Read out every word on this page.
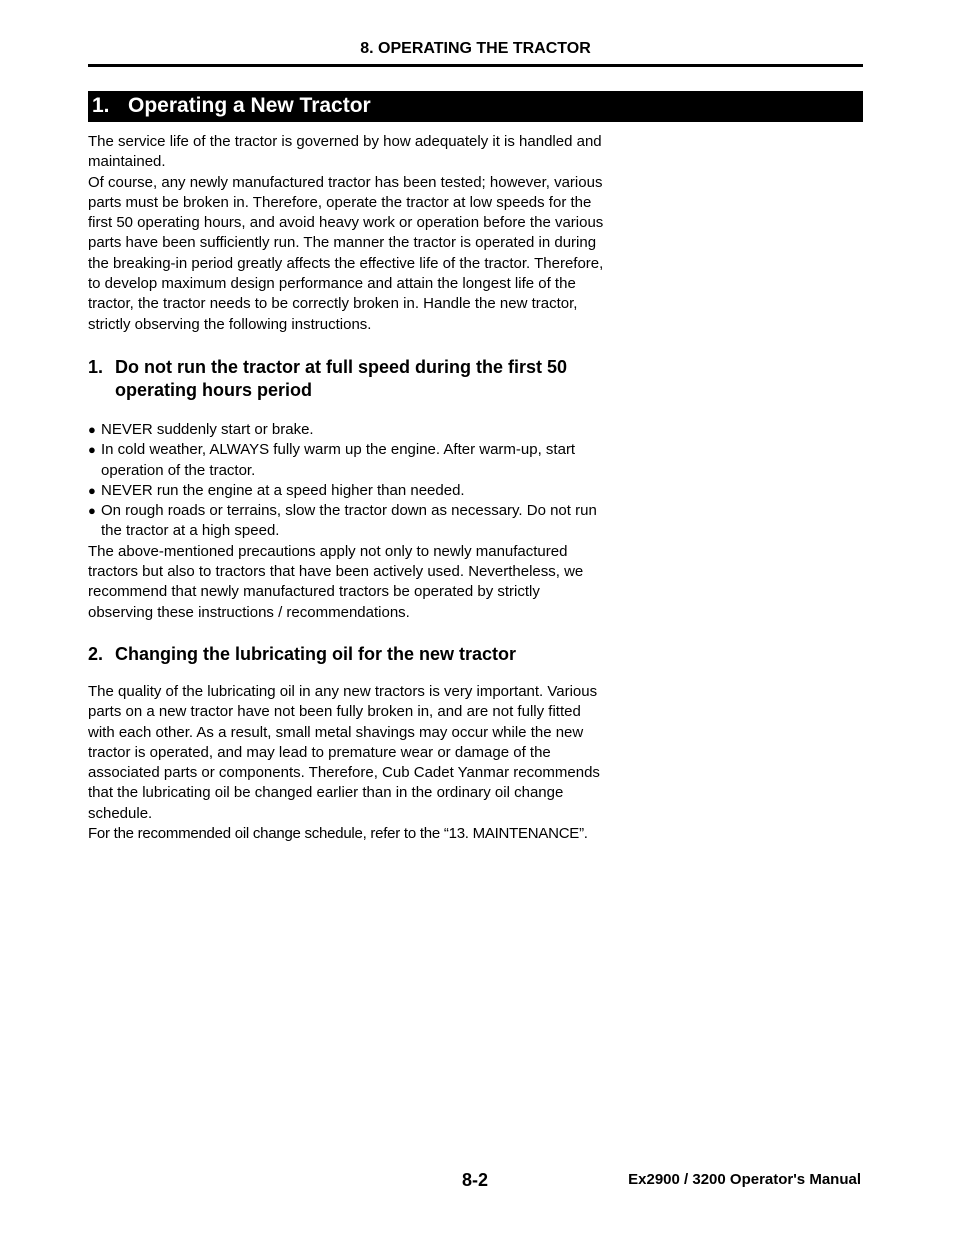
8. OPERATING THE TRACTOR
1. Operating a New Tractor

The service life of the tractor is governed by how adequately it is handled and maintained.

Of course, any newly manufactured tractor has been tested; however, various parts must be broken in. Therefore, operate the tractor at low speeds for the first 50 operating hours, and avoid heavy work or operation before the various parts have been sufficiently run. The manner the tractor is operated in during the breaking-in period greatly affects the effective life of the tractor. Therefore, to develop maximum design performance and attain the longest life of the tractor, the tractor needs to be correctly broken in. Handle the new tractor, strictly observing the following instructions.

1. Do not run the tractor at full speed during the first 50 operating hours period
● NEVER suddenly start or brake.
● In cold weather, ALWAYS fully warm up the engine. After warm-up, start operation of the tractor.
● NEVER run the engine at a speed higher than needed.
● On rough roads or terrains, slow the tractor down as necessary. Do not run the tractor at a high speed.

The above-mentioned precautions apply not only to newly manufactured tractors but also to tractors that have been actively used. Nevertheless, we recommend that newly manufactured tractors be operated by strictly observing these instructions / recommendations.

2. Changing the lubricating oil for the new tractor

The quality of the lubricating oil in any new tractors is very important. Various parts on a new tractor have not been fully broken in, and are not fully fitted with each other. As a result, small metal shavings may occur while the new tractor is operated, and may lead to premature wear or damage of the associated parts or components. Therefore, Cub Cadet Yanmar recommends that the lubricating oil be changed earlier than in the ordinary oil change schedule.

For the recommended oil change schedule, refer to the “13. MAINTENANCE”.

8-2	Ex2900 / 3200 Operator's Manual
